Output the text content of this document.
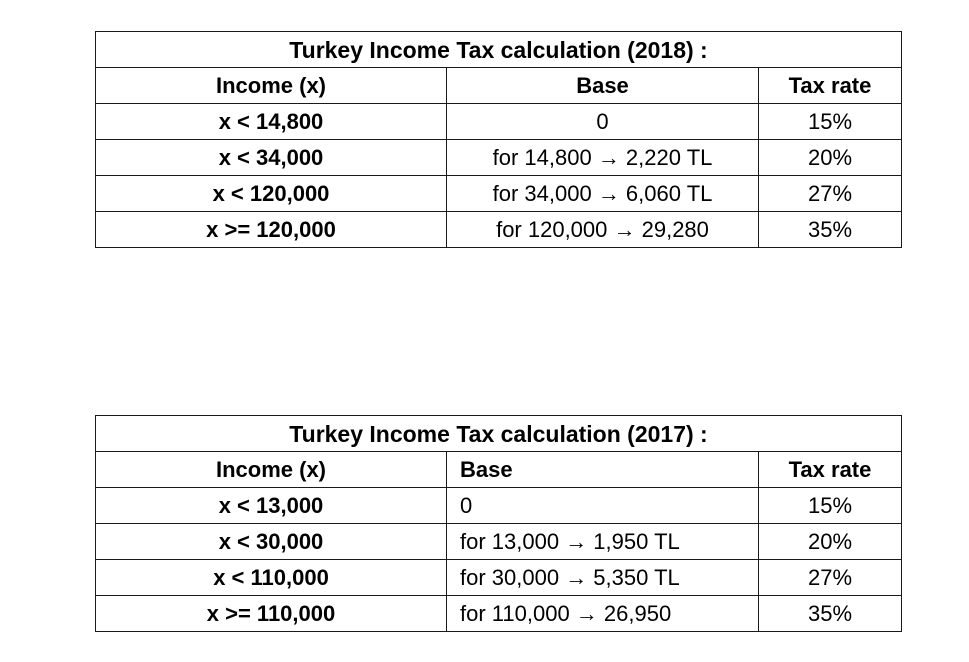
Turkey Income Tax calculation (2018) :		
Income (x)	Base	Tax rate
x < 14,800	0	15%
x < 34,000	for 14,800 → 2,220 TL	20%
x < 120,000	for 34,000 → 6,060 TL	27%
x >= 120,000	for 120,000 → 29,280	35%
Turkey Income Tax calculation (2017) :		
Income (x)	Base	Tax rate
x < 13,000	0	15%
x < 30,000	for 13,000 → 1,950 TL	20%
x < 110,000	for 30,000 → 5,350 TL	27%
x >= 110,000	for 110,000 → 26,950	35%
